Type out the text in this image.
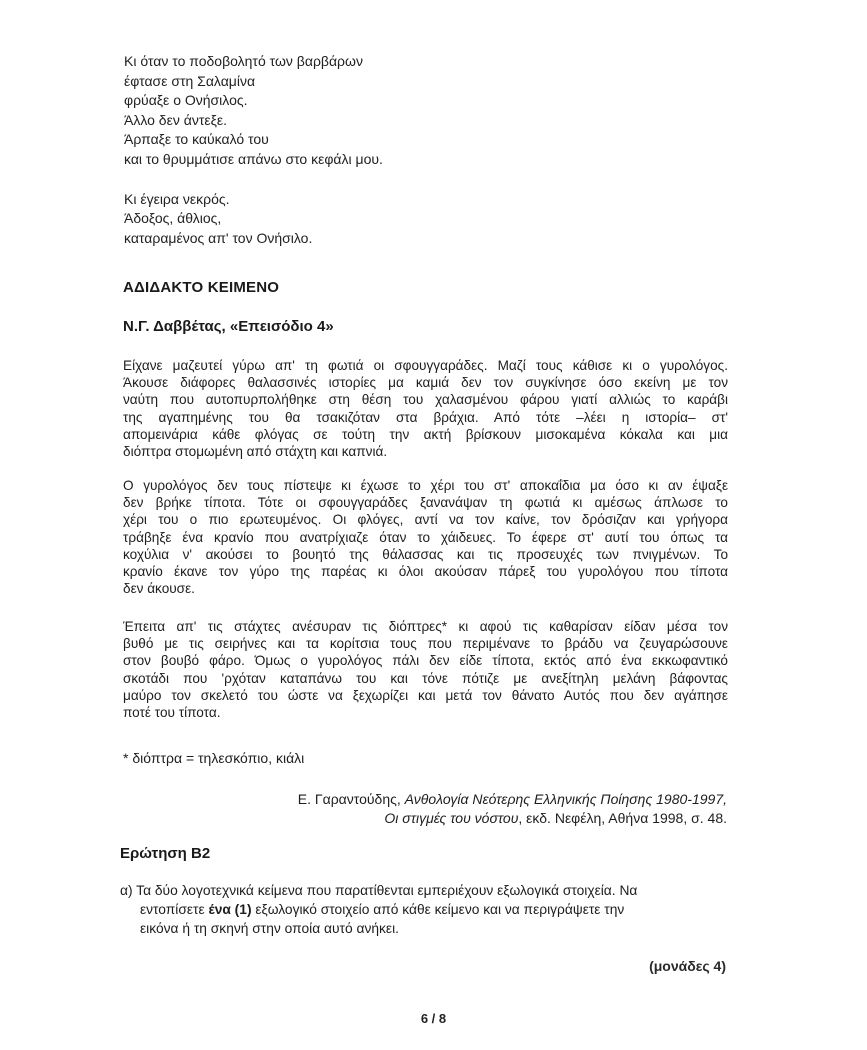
Κι όταν το ποδοβολητό των βαρβάρων
έφτασε στη Σαλαμίνα
φρύαξε ο Ονήσιλος.
Άλλο δεν άντεξε.
Άρπαξε το καύκαλό του
και το θρυμμάτισε απάνω στο κεφάλι μου.
Κι έγειρα νεκρός.
Άδοξος, άθλιος,
καταραμένος απ' τον Ονήσιλο.
ΑΔΙΔΑΚΤΟ ΚΕΙΜΕΝΟ
Ν.Γ. Δαββέτας, «Επεισόδιο 4»
Είχανε μαζευτεί γύρω απ' τη φωτιά οι σφουγγαράδες. Μαζί τους κάθισε κι ο γυρολόγος.
Άκουσε διάφορες θαλασσινές ιστορίες μα καμιά δεν τον συγκίνησε όσο εκείνη με τον
ναύτη που αυτοπυρπολήθηκε στη θέση του χαλασμένου φάρου γιατί αλλιώς το καράβι
της αγαπημένης του θα τσακιζόταν στα βράχια. Από τότε –λέει η ιστορία– στ'
απομεινάρια κάθε φλόγας σε τούτη την ακτή βρίσκουν μισοκαμένα κόκαλα και μια
διόπτρα στομωμένη από στάχτη και καπνιά.
Ο γυρολόγος δεν τους πίστεψε κι έχωσε το χέρι του στ' αποκαΐδια μα όσο κι αν έψαξε
δεν βρήκε τίποτα. Τότε οι σφουγγαράδες ξανανάψαν τη φωτιά κι αμέσως άπλωσε το
χέρι του ο πιο ερωτευμένος. Οι φλόγες, αντί να τον καίνε, τον δρόσιζαν και γρήγορα
τράβηξε ένα κρανίο που ανατρίχιαζε όταν το χάιδευες. Το έφερε στ' αυτί του όπως τα
κοχύλια ν' ακούσει το βουητό της θάλασσας και τις προσευχές των πνιγμένων. Το
κρανίο έκανε τον γύρο της παρέας κι όλοι ακούσαν πάρεξ του γυρολόγου που τίποτα
δεν άκουσε.
Έπειτα απ' τις στάχτες ανέσυραν τις διόπτρες* κι αφού τις καθαρίσαν είδαν μέσα τον
βυθό με τις σειρήνες και τα κορίτσια τους που περιμένανε το βράδυ να ζευγαρώσουνε
στον βουβό φάρο. Όμως ο γυρολόγος πάλι δεν είδε τίποτα, εκτός από ένα εκκωφαντικό
σκοτάδι που 'ρχόταν καταπάνω του και τόνε πότιζε με ανεξίτηλη μελάνη βάφοντας
μαύρο τον σκελετό του ώστε να ξεχωρίζει και μετά τον θάνατο Αυτός που δεν αγάπησε
ποτέ του τίποτα.
* διόπτρα = τηλεσκόπιο, κιάλι
Ε. Γαραντούδης, Ανθολογία Νεότερης Ελληνικής Ποίησης 1980-1997,
Οι στιγμές του νόστου, εκδ. Νεφέλη, Αθήνα 1998, σ. 48.
Ερώτηση Β2
α) Τα δύο λογοτεχνικά κείμενα που παρατίθενται εμπεριέχουν εξωλογικά στοιχεία. Να
εντοπίσετε ένα (1) εξωλογικό στοιχείο από κάθε κείμενο και να περιγράψετε την
εικόνα ή τη σκηνή στην οποία αυτό ανήκει.
(μονάδες 4)
6 / 8
